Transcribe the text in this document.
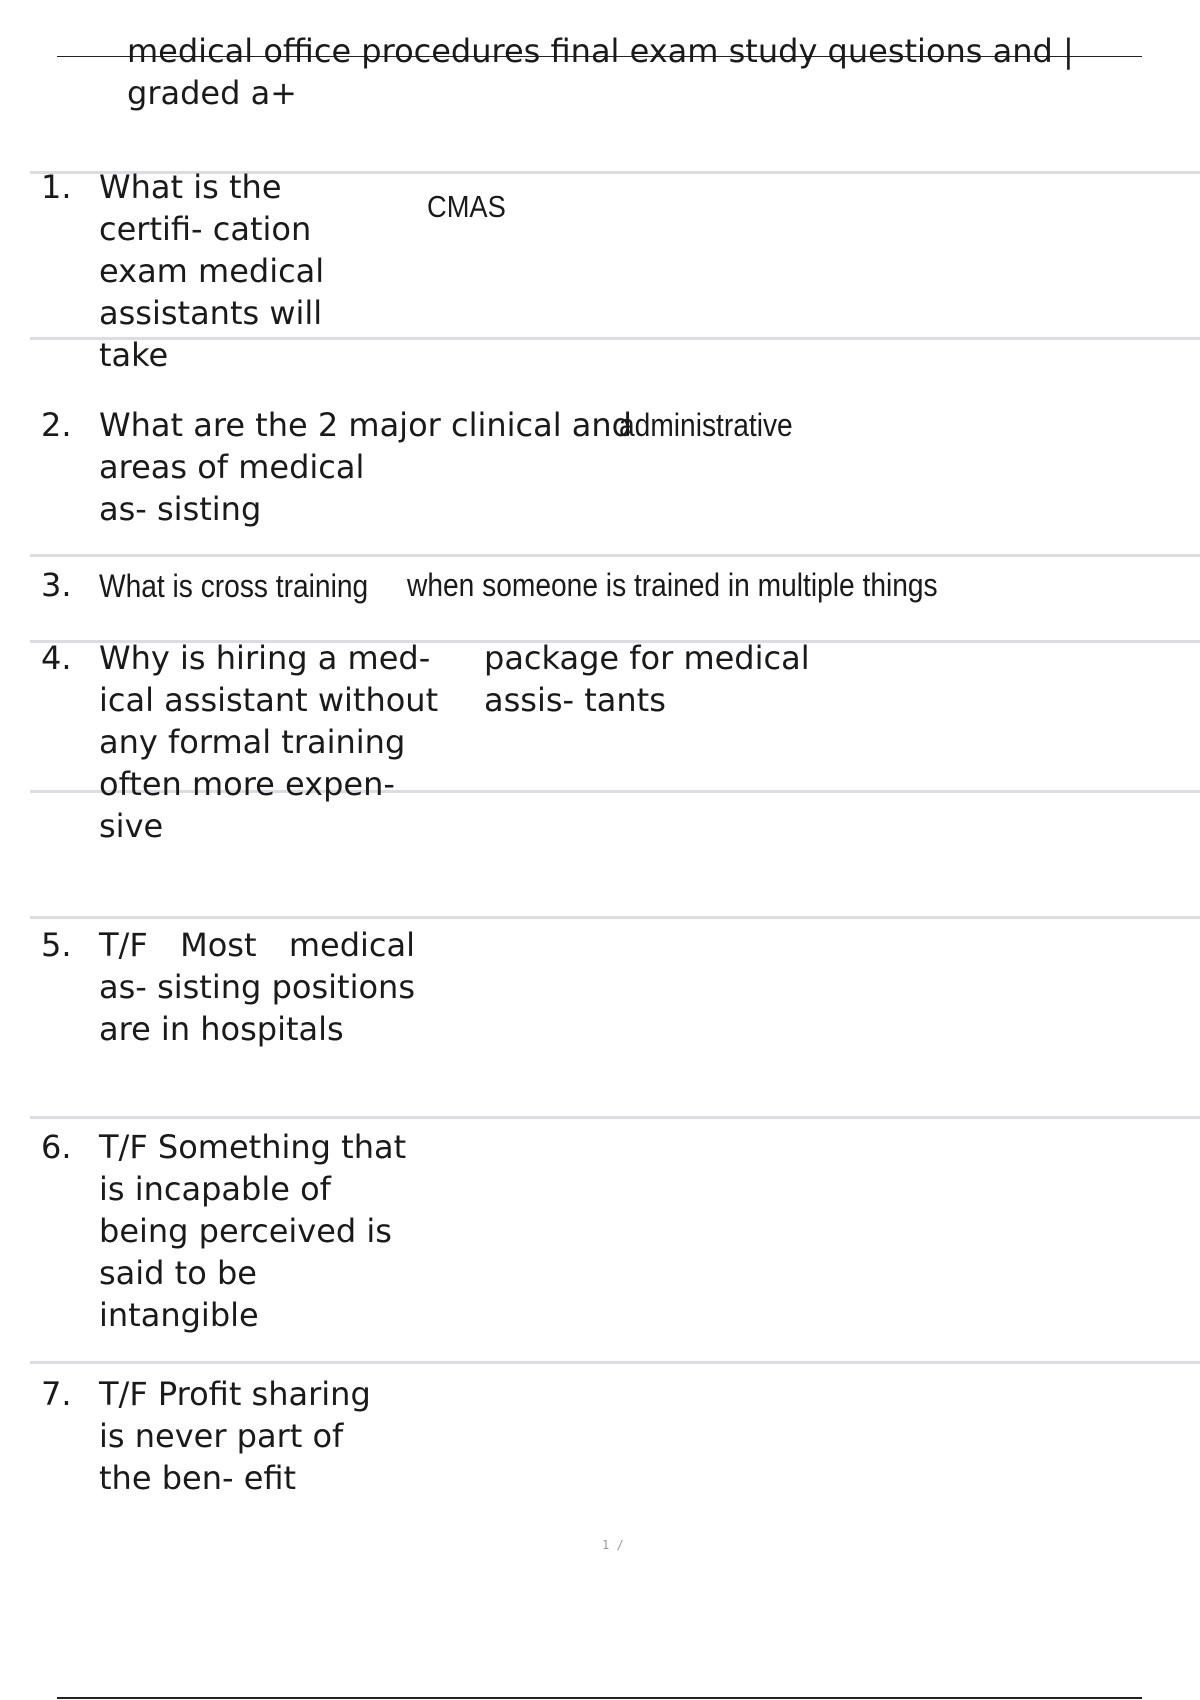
medical office procedures final exam study questions and | graded a+
1. What is the certifi- cation exam medical assistants will take
CMAS
2. What are the 2 major clinical and
areas of medical as- sisting
administrative
3. What is cross training	when someone is trained in multiple things
4. Why is hiring a med- ical assistant without any formal training often more expen- sive
package for medical assis- tants
5. T/F Most medical as- sisting positions are in hospitals
6. T/F Something that is incapable of being perceived is said to be intangible
7. T/F Profit sharing is never part of the ben- efit
1 /
